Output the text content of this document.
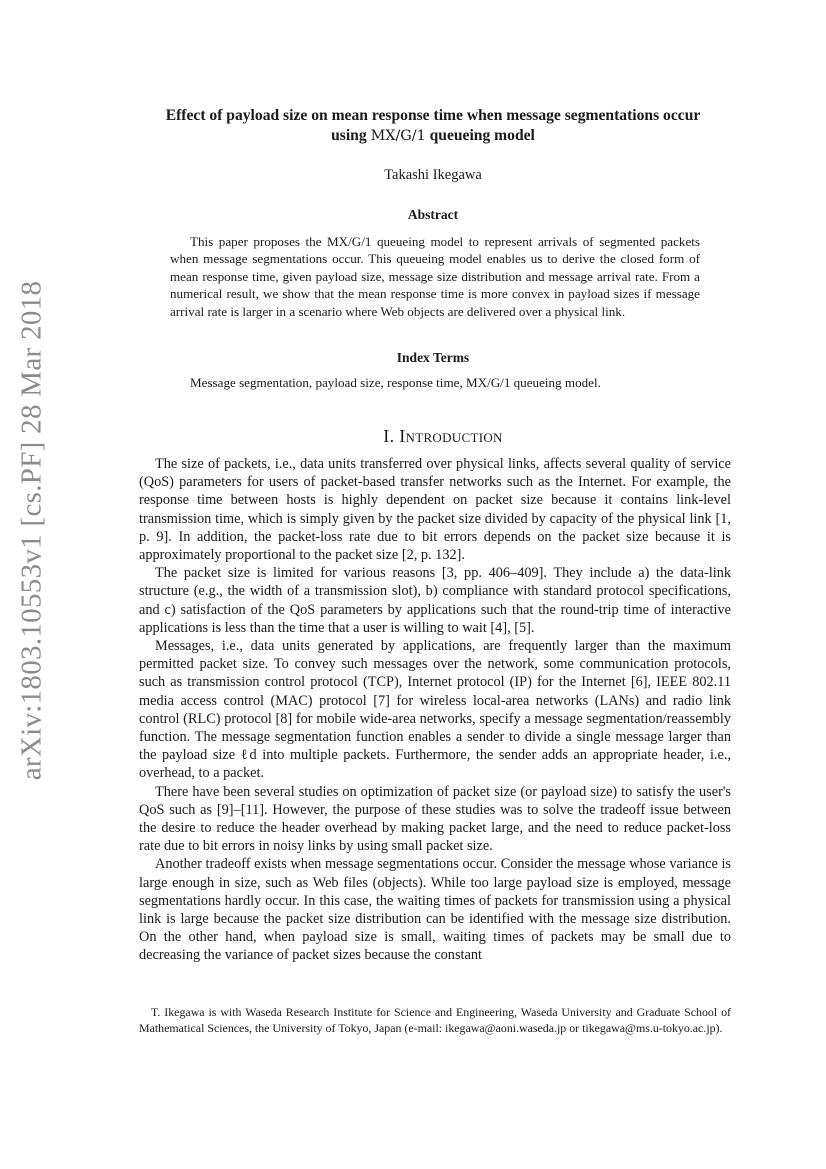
arXiv:1803.10553v1 [cs.PF] 28 Mar 2018
Effect of payload size on mean response time when message segmentations occur
using MX/G/1 queueing model
Takashi Ikegawa
Abstract

This paper proposes the MX/G/1 queueing model to represent arrivals of segmented packets when message segmentations occur. This queueing model enables us to derive the closed form of mean response time, given payload size, message size distribution and message arrival rate. From a numerical result, we show that the mean response time is more convex in payload sizes if message arrival rate is larger in a scenario where Web objects are delivered over a physical link.

Index Terms

Message segmentation, payload size, response time, MX/G/1 queueing model.

I. Introduction

The size of packets, i.e., data units transferred over physical links, affects several quality of service (QoS) parameters for users of packet-based transfer networks such as the Internet. For example, the response time between hosts is highly dependent on packet size because it contains link-level transmission time, which is simply given by the packet size divided by capacity of the physical link [1, p. 9]. In addition, the packet-loss rate due to bit errors depends on the packet size because it is approximately proportional to the packet size [2, p. 132].

The packet size is limited for various reasons [3, pp. 406–409]. They include a) the data-link structure (e.g., the width of a transmission slot), b) compliance with standard protocol specifications, and c) satisfaction of the QoS parameters by applications such that the round-trip time of interactive applications is less than the time that a user is willing to wait [4], [5].

Messages, i.e., data units generated by applications, are frequently larger than the maximum permitted packet size. To convey such messages over the network, some communication protocols, such as transmission control protocol (TCP), Internet protocol (IP) for the Internet [6], IEEE 802.11 media access control (MAC) protocol [7] for wireless local-area networks (LANs) and radio link control (RLC) protocol [8] for mobile wide-area networks, specify a message segmentation/reassembly function. The message segmentation function enables a sender to divide a single message larger than the payload size ℓd into multiple packets. Furthermore, the sender adds an appropriate header, i.e., overhead, to a packet.

There have been several studies on optimization of packet size (or payload size) to satisfy the user's QoS such as [9]–[11]. However, the purpose of these studies was to solve the tradeoff issue between the desire to reduce the header overhead by making packet large, and the need to reduce packet-loss rate due to bit errors in noisy links by using small packet size.

Another tradeoff exists when message segmentations occur. Consider the message whose variance is large enough in size, such as Web files (objects). While too large payload size is employed, message segmentations hardly occur. In this case, the waiting times of packets for transmission using a physical link is large because the packet size distribution can be identified with the message size distribution. On the other hand, when payload size is small, waiting times of packets may be small due to decreasing the variance of packet sizes because the constant

T. Ikegawa is with Waseda Research Institute for Science and Engineering, Waseda University and Graduate School of Mathematical Sciences, the University of Tokyo, Japan (e-mail: ikegawa@aoni.waseda.jp or tikegawa@ms.u-tokyo.ac.jp).
